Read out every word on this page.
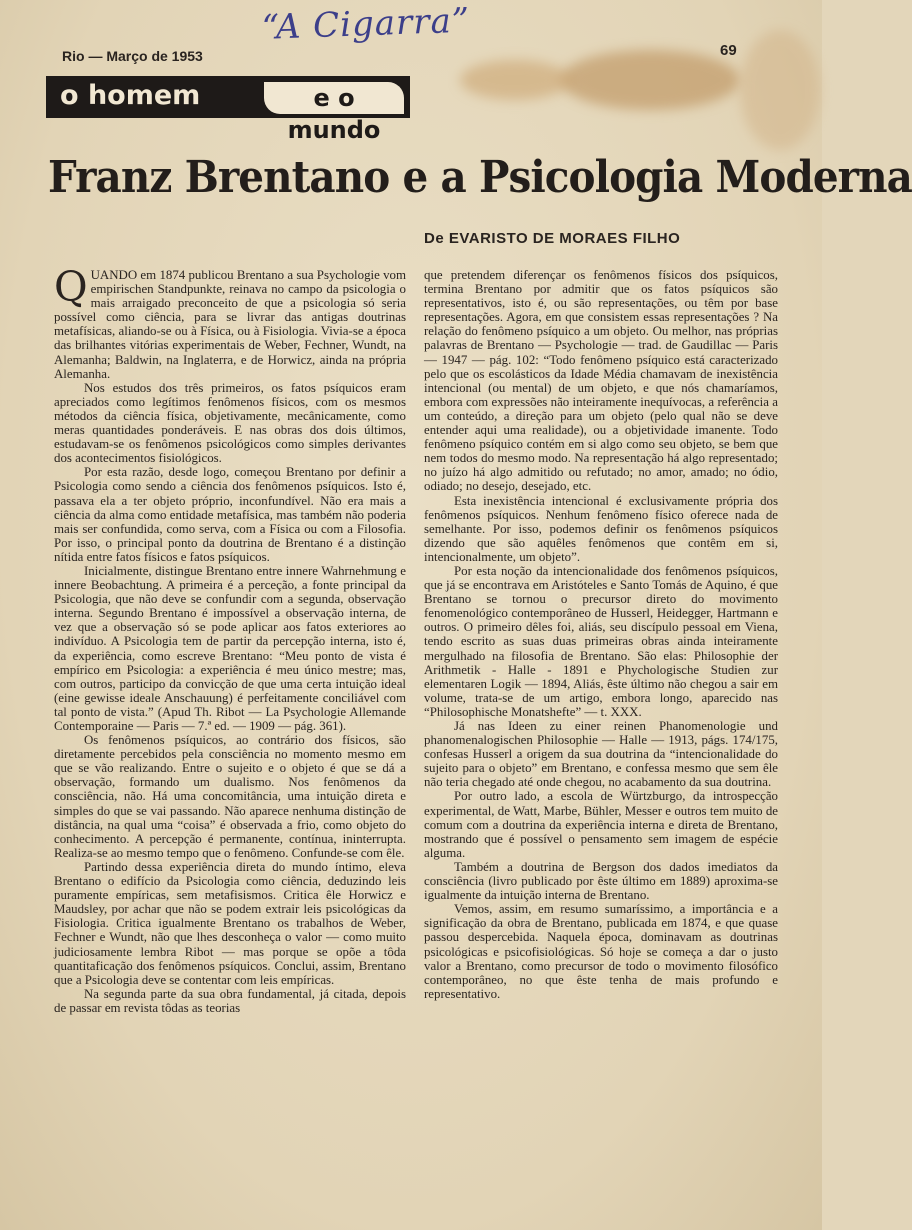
“A Cigarra”
Rio — Março de 1953	69
o homem	e o mundo
Franz Brentano e a Psicologia Moderna
De EVARISTO DE MORAES FILHO

QUANDO em 1874 publicou Brentano a sua Psychologie vom empirischen Standpunkte, reinava no campo da psicologia o mais arraigado preconceito de que a psicologia só seria possível como ciência, para se livrar das antigas doutrinas metafísicas, aliando-se ou à Física, ou à Fisiologia. Vivia-se a época das brilhantes vitórias experimentais de Weber, Fechner, Wundt, na Alemanha; Baldwin, na Inglaterra, e de Horwicz, ainda na própria Alemanha.

Nos estudos dos três primeiros, os fatos psíquicos eram apreciados como legítimos fenômenos físicos, com os mesmos métodos da ciência física, objetivamente, mecânicamente, como meras quantidades ponderáveis. E nas obras dos dois últimos, estudavam-se os fenômenos psicológicos como simples derivantes dos acontecimentos fisiológicos.

Por esta razão, desde logo, começou Brentano por definir a Psicologia como sendo a ciência dos fenômenos psíquicos. Isto é, passava ela a ter objeto próprio, inconfundível. Não era mais a ciência da alma como entidade metafísica, mas também não poderia mais ser confundida, como serva, com a Física ou com a Filosofia. Por isso, o principal ponto da doutrina de Brentano é a distinção nítida entre fatos físicos e fatos psíquicos.

Inicialmente, distingue Brentano entre innere Wahrnehmung e innere Beobachtung. A primeira é a perceção, a fonte principal da Psicologia, que não deve se confundir com a segunda, observação interna. Segundo Brentano é impossível a observação interna, de vez que a observação só se pode aplicar aos fatos exteriores ao indivíduo. A Psicologia tem de partir da percepção interna, isto é, da experiência, como escreve Brentano: “Meu ponto de vista é empírico em Psicologia: a experiência é meu único mestre; mas, com outros, participo da convicção de que uma certa intuição ideal (eine gewisse ideale Anschauung) é perfeitamente conciliável com tal ponto de vista.” (Apud Th. Ribot — La Psychologie Allemande Contemporaine — Paris — 7.ª ed. — 1909 — pág. 361).

Os fenômenos psíquicos, ao contrário dos físicos, são diretamente percebidos pela consciência no momento mesmo em que se vão realizando. Entre o sujeito e o objeto é que se dá a observação, formando um dualismo. Nos fenômenos da consciência, não. Há uma concomitância, uma intuição direta e simples do que se vai passando. Não aparece nenhuma distinção de distância, na qual uma “coisa” é observada a frio, como objeto do conhecimento. A percepção é permanente, contínua, ininterrupta. Realiza-se ao mesmo tempo que o fenômeno. Confunde-se com êle.

Partindo dessa experiência direta do mundo íntimo, eleva Brentano o edifício da Psicologia como ciência, deduzindo leis puramente empíricas, sem metafisismos. Critica êle Horwicz e Maudsley, por achar que não se podem extrair leis psicológicas da Fisiologia. Critica igualmente Brentano os trabalhos de Weber, Fechner e Wundt, não que lhes desconheça o valor — como muito judiciosamente lembra Ribot — mas porque se opõe a tôda quantitaficação dos fenômenos psíquicos. Conclui, assim, Brentano que a Psicologia deve se contentar com leis empíricas.

Na segunda parte da sua obra fundamental, já citada, depois de passar em revista tôdas as teorias

que pretendem diferençar os fenômenos físicos dos psíquicos, termina Brentano por admitir que os fatos psíquicos são representativos, isto é, ou são representações, ou têm por base representações. Agora, em que consistem essas representações ? Na relação do fenômeno psíquico a um objeto. Ou melhor, nas próprias palavras de Brentano — Psychologie — trad. de Gaudillac — Paris — 1947 — pág. 102: “Todo fenômeno psíquico está caracterizado pelo que os escolásticos da Idade Média chamavam de inexistência intencional (ou mental) de um objeto, e que nós chamaríamos, embora com expressões não inteiramente inequívocas, a referência a um conteúdo, a direção para um objeto (pelo qual não se deve entender aqui uma realidade), ou a objetividade imanente. Todo fenômeno psíquico contém em si algo como seu objeto, se bem que nem todos do mesmo modo. Na representação há algo representado; no juízo há algo admitido ou refutado; no amor, amado; no ódio, odiado; no desejo, desejado, etc.

Esta inexistência intencional é exclusivamente própria dos fenômenos psíquicos. Nenhum fenômeno físico oferece nada de semelhante. Por isso, podemos definir os fenômenos psíquicos dizendo que são aquêles fenômenos que contêm em si, intencionalmente, um objeto”.

Por esta noção da intencionalidade dos fenômenos psíquicos, que já se encontrava em Aristóteles e Santo Tomás de Aquino, é que Brentano se tornou o precursor direto do movimento fenomenológico contemporâneo de Husserl, Heidegger, Hartmann e outros. O primeiro dêles foi, aliás, seu discípulo pessoal em Viena, tendo escrito as suas duas primeiras obras ainda inteiramente mergulhado na filosofia de Brentano. São elas: Philosophie der Arithmetik - Halle - 1891 e Phychologische Studien zur elementaren Logik — 1894, Aliás, êste último não chegou a sair em volume, trata-se de um artigo, embora longo, aparecido nas “Philosophische Monatshefte” — t. XXX.

Já nas Ideen zu einer reinen Phanomenologie und phanomenalogischen Philosophie — Halle — 1913, págs. 174/175, confesas Husserl a origem da sua doutrina da “intencionalidade do sujeito para o objeto” em Brentano, e confessa mesmo que sem êle não teria chegado até onde chegou, no acabamento da sua doutrina.

Por outro lado, a escola de Würtzburgo, da introspecção experimental, de Watt, Marbe, Bühler, Messer e outros tem muito de comum com a doutrina da experiência interna e direta de Brentano, mostrando que é possível o pensamento sem imagem de espécie alguma.

Também a doutrina de Bergson dos dados imediatos da consciência (livro publicado por êste último em 1889) aproxima-se igualmente da intuição interna de Brentano.

Vemos, assim, em resumo sumaríssimo, a importância e a significação da obra de Brentano, publicada em 1874, e que quase passou despercebida. Naquela época, dominavam as doutrinas psicológicas e psicofisiológicas. Só hoje se começa a dar o justo valor a Brentano, como precursor de todo o movimento filosófico contemporâneo, no que êste tenha de mais profundo e representativo.
